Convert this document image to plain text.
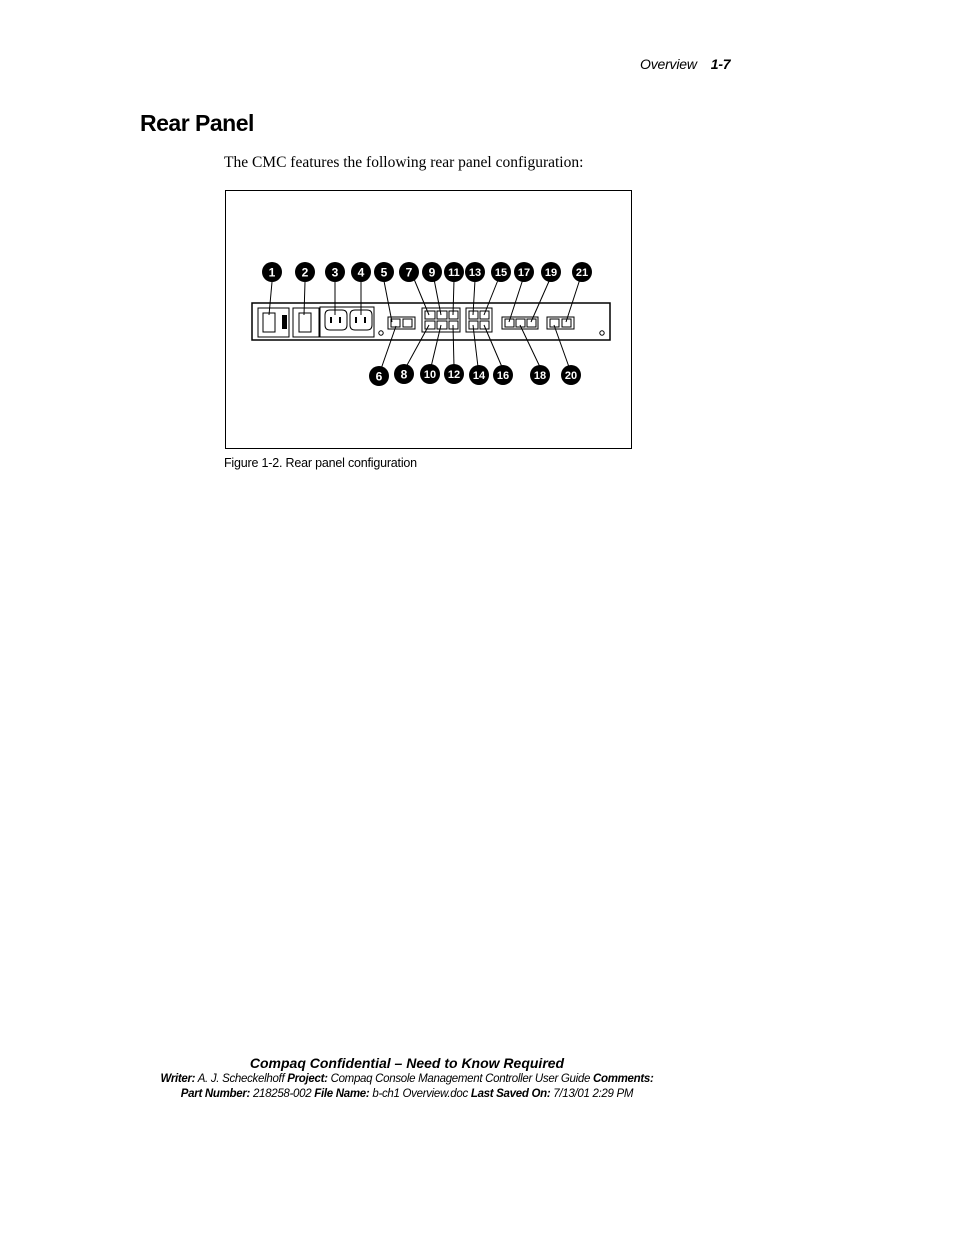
Overview 1-7
Rear Panel

The CMC features the following rear panel configuration:

1 2 3 4 5 7 9 11 13 15 17 19 21
6 8 10 12 14 16 18 20
Figure 1-2. Rear panel configuration
Compaq Confidential – Need to Know Required
Writer: A. J. Scheckelhoff Project: Compaq Console Management Controller User Guide Comments:
Part Number: 218258-002 File Name: b-ch1 Overview.doc Last Saved On: 7/13/01 2:29 PM
